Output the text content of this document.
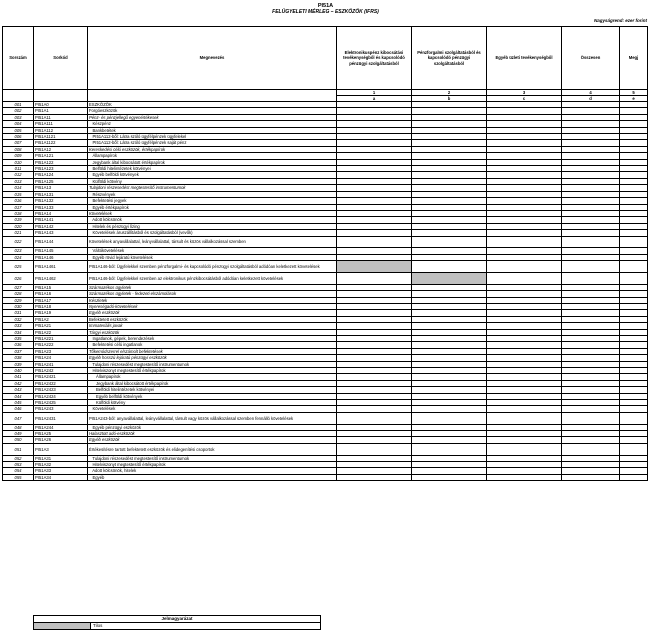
PI51A
FELÜGYELETI MÉRLEG – ESZKÖZÖK (IFRS)
Nagyságrend: ezer forint
Sorszám	Sorkód	Megnevezés	Elektronikuspénz kibocsátási tevékenységből és kapcsolódó pénzügyi szolgáltatásból	Pénzforgalmi szolgáltatásból és kapcsolódó pénzügyi szolgáltatásból	Egyéb üzleti tevékenységből	Összesen	Megj
			1	2	3	4	5
			a	b	c	d	e
001	PI51A0	ESZKÖZÖK					
002	PI51A1	Forgóeszközök					
003	PI51A11	Pénz- és pénzjellegű egyenértékesek					
004	PI51A111	Készpénz					
005	PI51A112	Bankbetétek					
006	PI51A1121	PI51A112-ből: Látra szóló ügyfélpénzek ügyfelekel					
007	PI51A1122	PI51A112-ből: Látra szóló ügyfélpénzek saját pénz					
008	PI51A12	Kereskedési célú eszközök, értékpapírok					
009	PI51A121	Állampapírok					
010	PI51A122	Jegybank által kibocsátott értékpapírok					
011	PI51A123	Belföldi hitelintézetek kötvényei					
012	PI51A124	Egyéb belföldi kötvények					
013	PI51A125	Külföldi kötvény					
014	PI51A13	Tulajdoni részesedést megtestesítő instrumentumok					
015	PI51A131	Részvények					
016	PI51A132	Befektetési jegyek					
017	PI51A133	Egyéb értékpapírok					
018	PI51A14	Követelések					
019	PI51A141	Adott kölcsönök					
020	PI51A142	Hitelek és pénzügyi lízing					
021	PI51A143	Követelések áruszállításból és szolgáltatásból (vevők)					
022	PI51A144	Követelések anyavállalattal, leányvállalattal, társult és közös vállalkozással szemben					
023	PI51A145	Váltókövetelések					
024	PI51A146	Egyéb rövid lejáratú követelések					
025	PI51A1461	PI51A146-ból: Ügyfelekkel szemben pénzforgalmi- és kapcsolódó pénzügyi szolgáltatásból adódóan keletkezett követelések					
026	PI51A1462	PI51A146-ból: Ügyfelekkel szemben az elektronikus pénzkibocsátásból adódóan keletkezett követelések					
027	PI51A15	Származékos ügyletek					
028	PI51A16	Származékos ügyletek - fedezeti elszámolások					
029	PI51A17	Készletek					
030	PI51A18	Nyereségadó-követelések					
031	PI51A19	Egyéb eszközök					
032	PI51A2	Befektetett eszközök					
033	PI51A21	Immateriális javak					
034	PI51A22	Tárgyi eszközök					
035	PI51A221	Ingatlanok, gépek, berendezések					
036	PI51A222	Befektetési célú ingatlanok					
037	PI51A23	Tőkemódszerrel elszámolt befektetések					
038	PI51A24	Egyéb hosszú lejáratú pénzügyi eszközök					
039	PI51A241	Tulajdoni részesedést megtestesítő instrumentumok					
040	PI51A242	Hitelviszonyt megtestesítő értékpapírok					
041	PI51A2421	Állampapírok					
042	PI51A2422	Jegybank által kibocsátott értékpapírok					
043	PI51A2423	Belföldi hitelintézetek kötvényei					
044	PI51A2424	Egyéb belföldi kötvények					
045	PI51A2425	Külföldi kötvény					
046	PI51A243	Követelések					
047	PI51A2431	PI51A243-ból: anyavállalattal, leányvállalattal, társult vagy közös vállalkozással szemben fennálló követelések					
048	PI51A244	Egyéb pénzügyi eszközök					
049	PI51A25	Halasztott adó-eszközök					
050	PI51A26	Egyéb eszközök					
051	PI51A3	Értékesítésre tartott befektetett eszközök és elidegenítési csoportok					
052	PI51A31	Tulajdoni részesedést megtestesítő instrumentumok					
053	PI51A32	Hitelviszonyt megtestesítő értékpapírok					
054	PI51A33	Adott kölcsönök, hitelek					
055	PI51A34	Egyéb					
Jelmagyarázat
	Tilos
